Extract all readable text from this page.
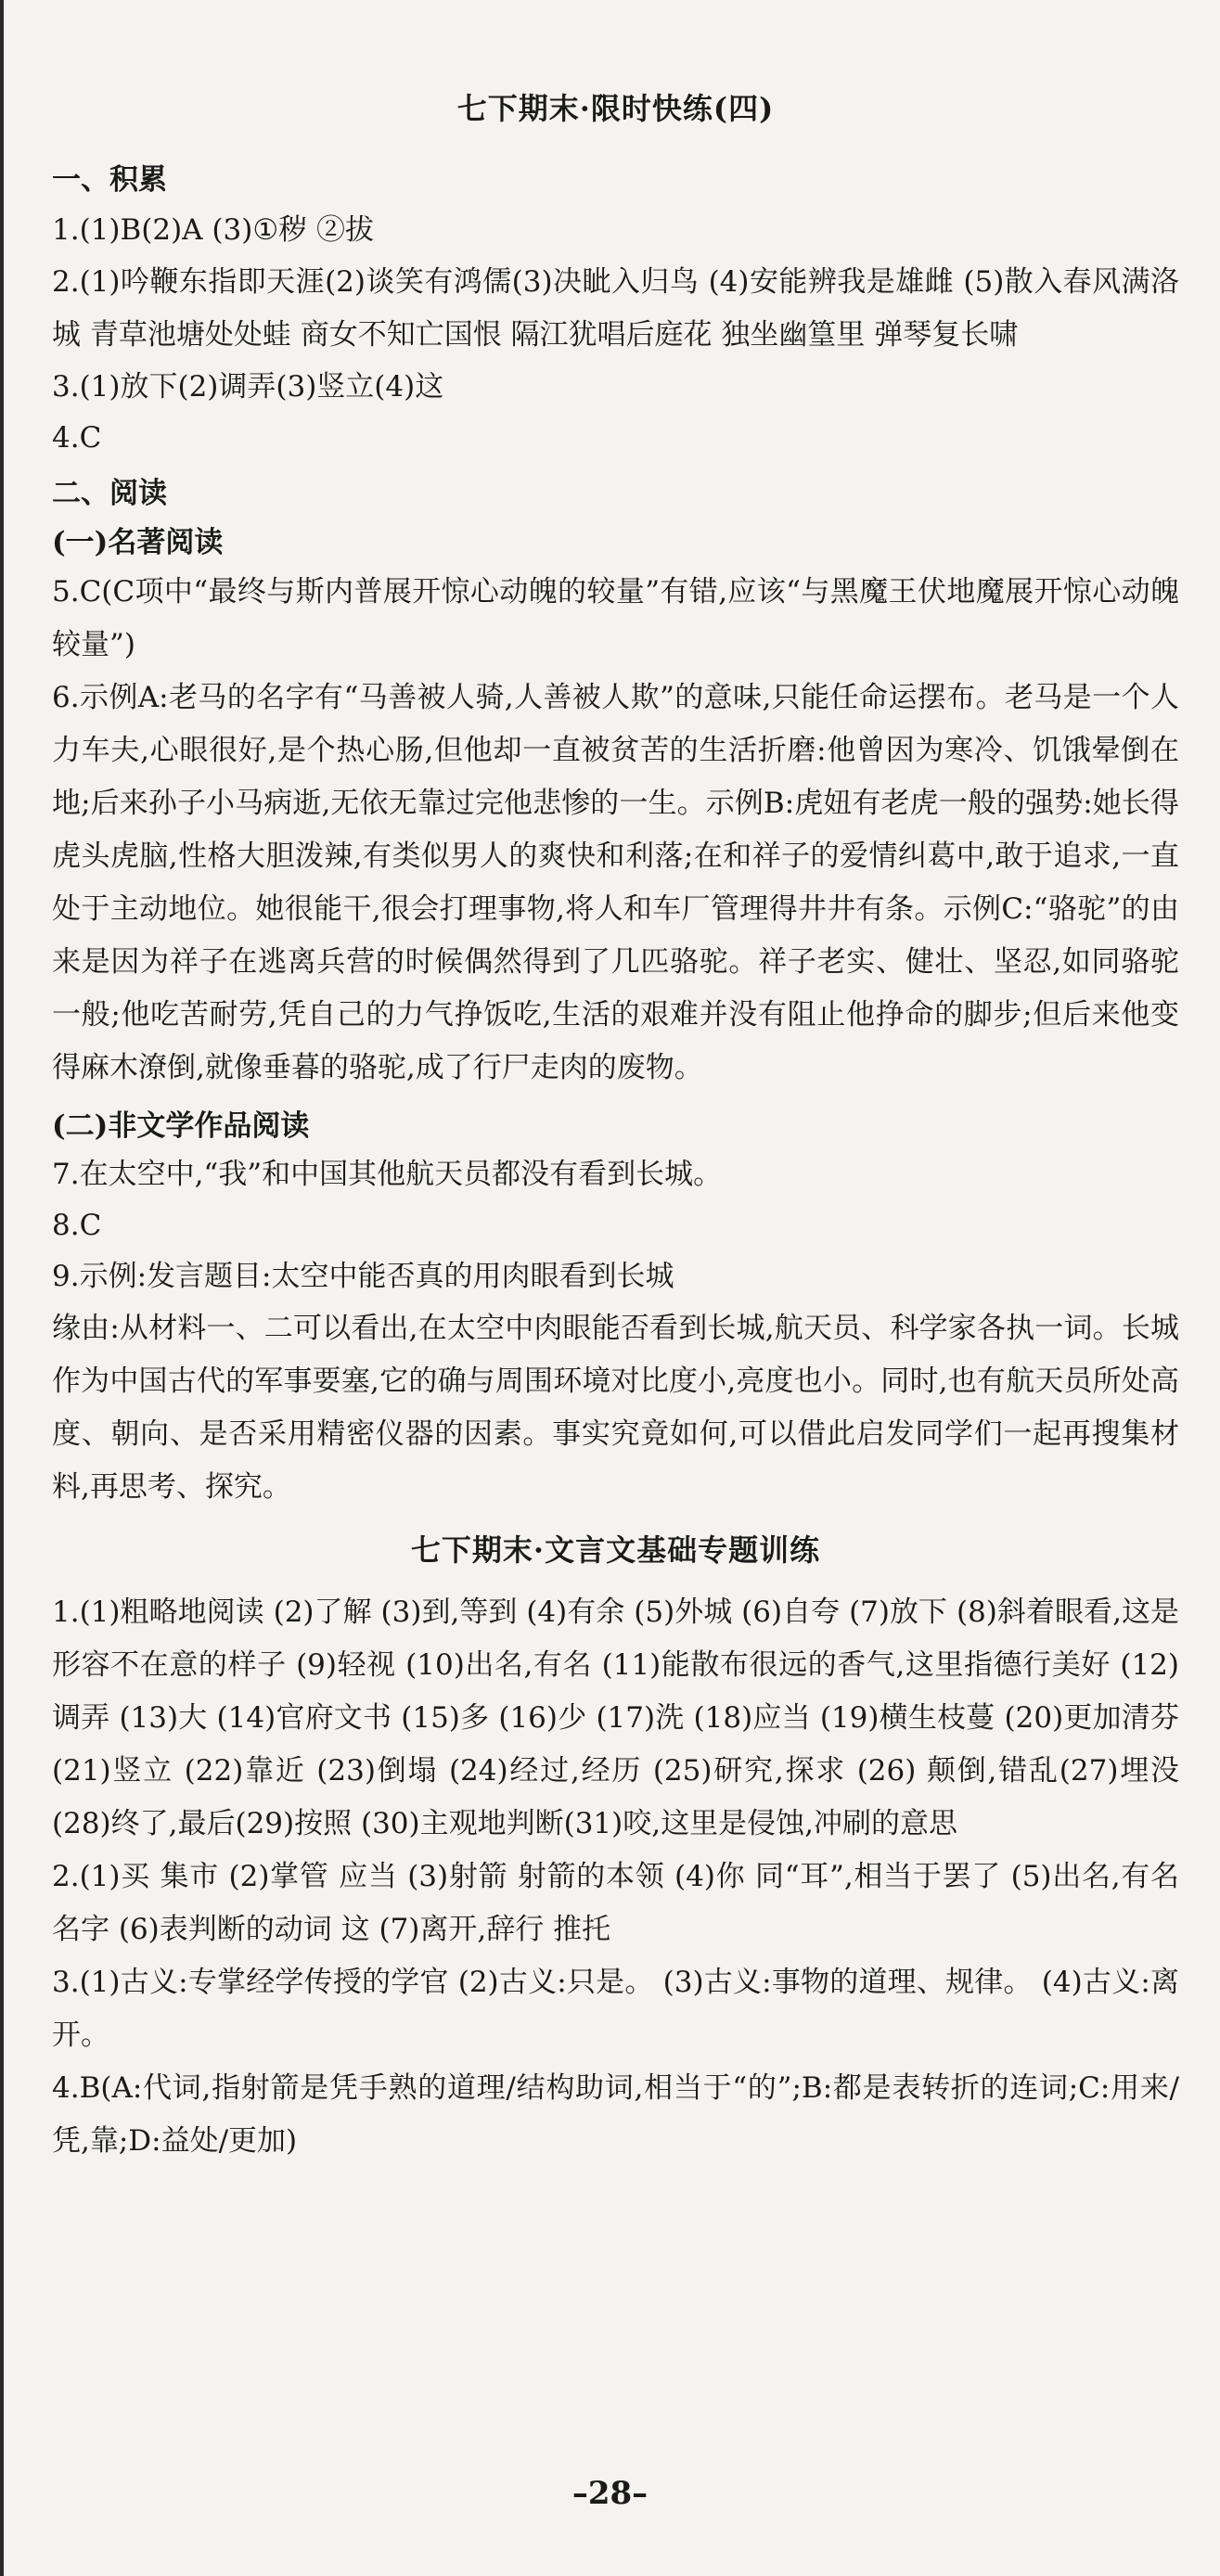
七下期末·限时快练(四)
一、积累

1.(1)B(2)A (3)①秽 ②拔

2.(1)吟鞭东指即天涯(2)谈笑有鸿儒(3)决眦入归鸟 (4)安能辨我是雄雌 (5)散入春风满洛城 青草池塘处处蛙 商女不知亡国恨 隔江犹唱后庭花 独坐幽篁里 弹琴复长啸

3.(1)放下(2)调弄(3)竖立(4)这

4.C

二、阅读
(一)名著阅读

5.C(C项中“最终与斯内普展开惊心动魄的较量”有错,应该“与黑魔王伏地魔展开惊心动魄较量”)

6.示例A:老马的名字有“马善被人骑,人善被人欺”的意味,只能任命运摆布。老马是一个人力车夫,心眼很好,是个热心肠,但他却一直被贫苦的生活折磨:他曾因为寒冷、饥饿晕倒在地;后来孙子小马病逝,无依无靠过完他悲惨的一生。示例B:虎妞有老虎一般的强势:她长得虎头虎脑,性格大胆泼辣,有类似男人的爽快和利落;在和祥子的爱情纠葛中,敢于追求,一直处于主动地位。她很能干,很会打理事物,将人和车厂管理得井井有条。示例C:“骆驼”的由来是因为祥子在逃离兵营的时候偶然得到了几匹骆驼。祥子老实、健壮、坚忍,如同骆驼一般;他吃苦耐劳,凭自己的力气挣饭吃,生活的艰难并没有阻止他挣命的脚步;但后来他变得麻木潦倒,就像垂暮的骆驼,成了行尸走肉的废物。

(二)非文学作品阅读

7.在太空中,“我”和中国其他航天员都没有看到长城。

8.C

9.示例:发言题目:太空中能否真的用肉眼看到长城

缘由:从材料一、二可以看出,在太空中肉眼能否看到长城,航天员、科学家各执一词。长城作为中国古代的军事要塞,它的确与周围环境对比度小,亮度也小。同时,也有航天员所处高度、朝向、是否采用精密仪器的因素。事实究竟如何,可以借此启发同学们一起再搜集材料,再思考、探究。

七下期末·文言文基础专题训练

1.(1)粗略地阅读 (2)了解 (3)到,等到 (4)有余 (5)外城 (6)自夸 (7)放下 (8)斜着眼看,这是形容不在意的样子 (9)轻视 (10)出名,有名 (11)能散布很远的香气,这里指德行美好 (12)调弄 (13)大 (14)官府文书 (15)多 (16)少 (17)洗 (18)应当 (19)横生枝蔓 (20)更加清芬 (21)竖立 (22)靠近 (23)倒塌 (24)经过,经历 (25)研究,探求 (26) 颠倒,错乱(27)埋没 (28)终了,最后(29)按照 (30)主观地判断(31)咬,这里是侵蚀,冲刷的意思

2.(1)买 集市 (2)掌管 应当 (3)射箭 射箭的本领 (4)你 同“耳”,相当于罢了 (5)出名,有名 名字 (6)表判断的动词 这 (7)离开,辞行 推托

3.(1)古义:专掌经学传授的学官 (2)古义:只是。 (3)古义:事物的道理、规律。 (4)古义:离开。

4.B(A:代词,指射箭是凭手熟的道理/结构助词,相当于“的”;B:都是表转折的连词;C:用来/凭,靠;D:益处/更加)

–28–
